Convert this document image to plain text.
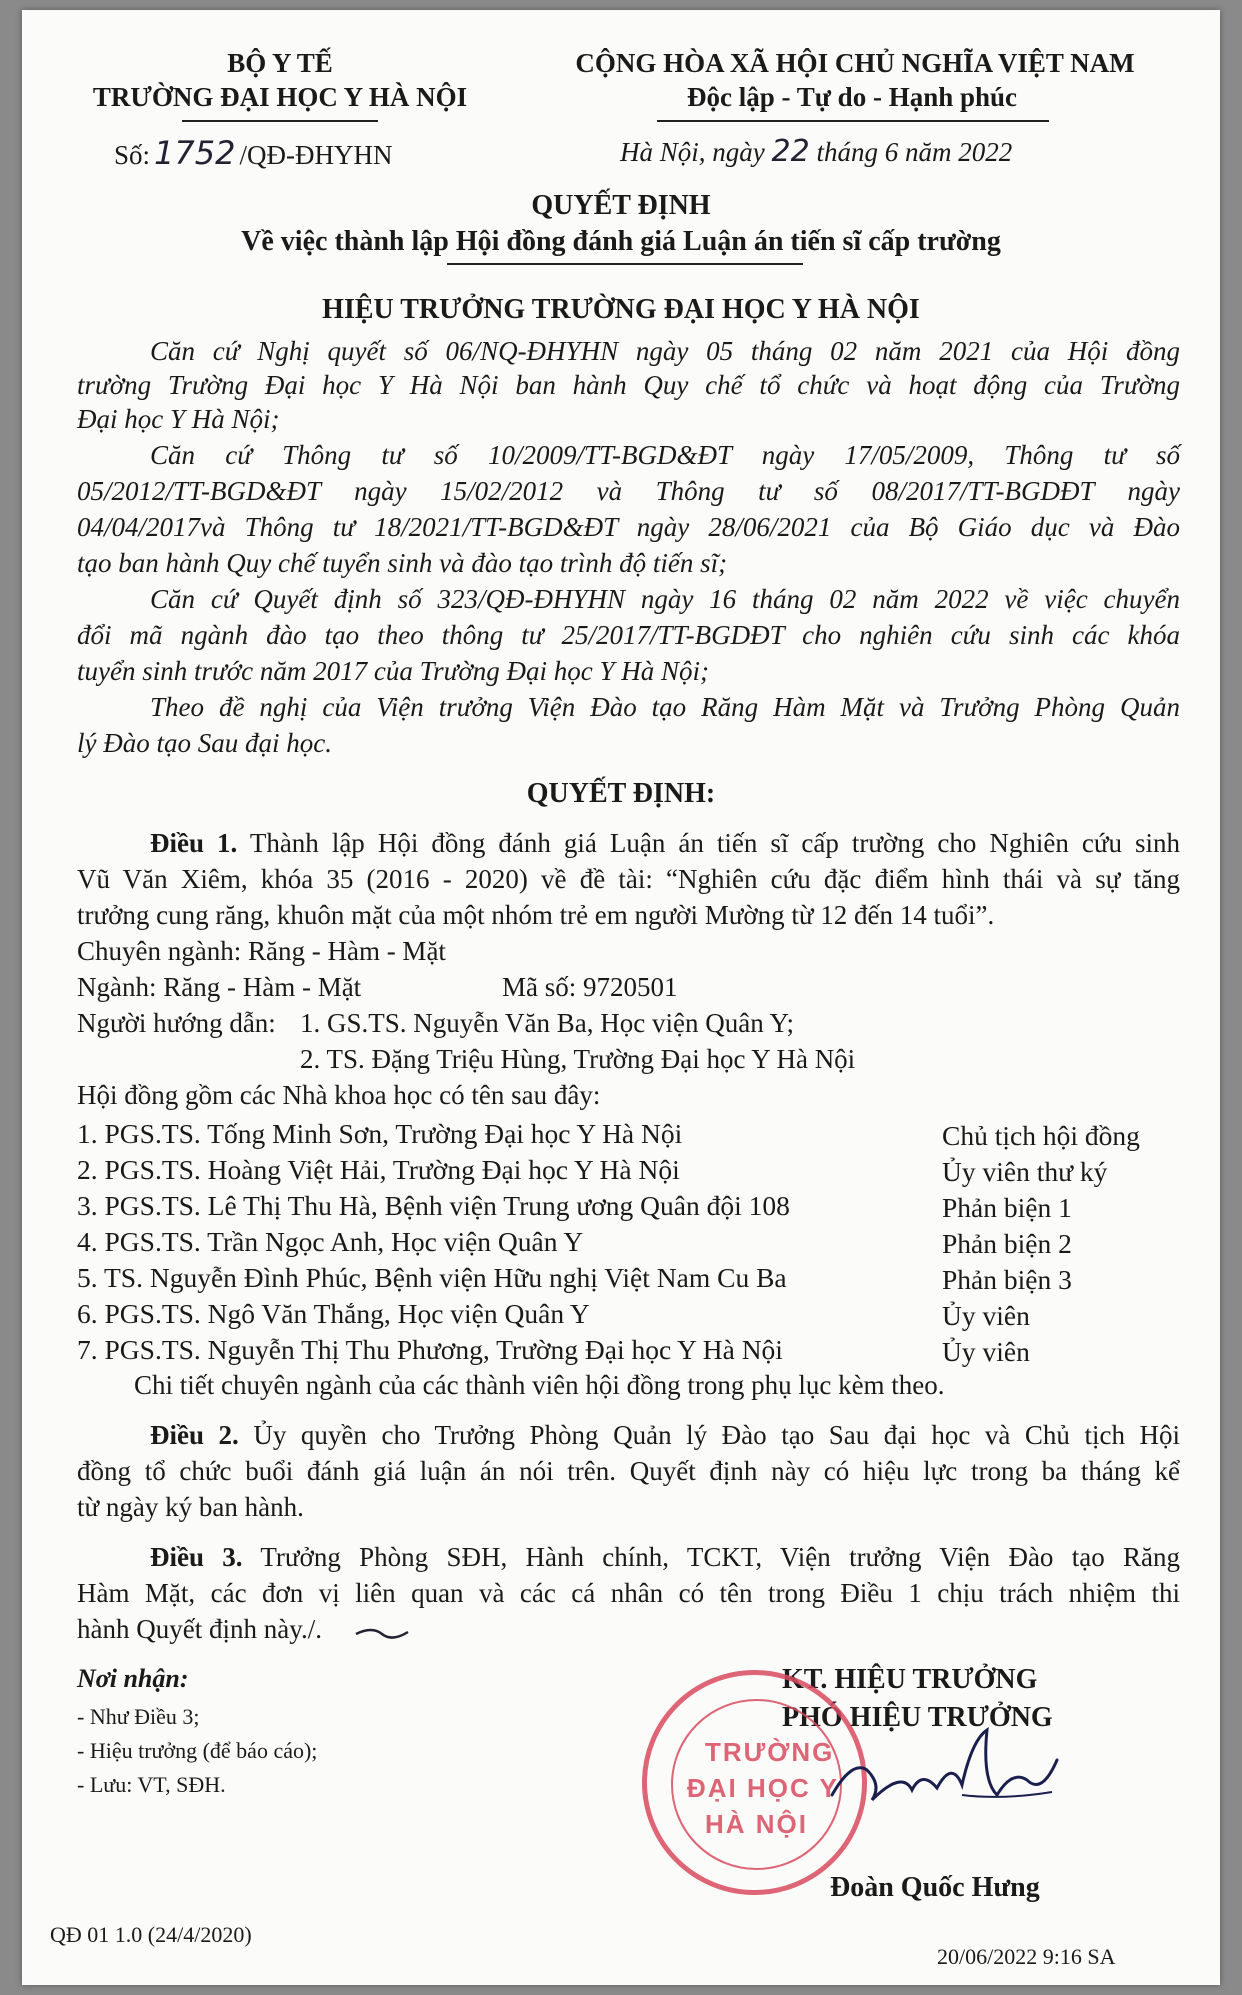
BỘ Y TẾ
TRƯỜNG ĐẠI HỌC Y HÀ NỘI
Số: 1752 /QĐ-ĐHYHN
CỘNG HÒA XÃ HỘI CHỦ NGHĨA VIỆT NAM
Độc lập - Tự do - Hạnh phúc
Hà Nội, ngày 22 tháng 6 năm 2022
QUYẾT ĐỊNH
Về việc thành lập Hội đồng đánh giá Luận án tiến sĩ cấp trường
HIỆU TRƯỞNG TRƯỜNG ĐẠI HỌC Y HÀ NỘI
Căn cứ Nghị quyết số 06/NQ-ĐHYHN ngày 05 tháng 02 năm 2021 của Hội đồng
trường Trường Đại học Y Hà Nội ban hành Quy chế tổ chức và hoạt động của Trường
Đại học Y Hà Nội;
Căn cứ Thông tư số 10/2009/TT-BGD&ĐT ngày 17/05/2009, Thông tư số
05/2012/TT-BGD&ĐT ngày 15/02/2012 và Thông tư số 08/2017/TT-BGDĐT ngày
04/04/2017và Thông tư 18/2021/TT-BGD&ĐT ngày 28/06/2021 của Bộ Giáo dục và Đào
tạo ban hành Quy chế tuyển sinh và đào tạo trình độ tiến sĩ;
Căn cứ Quyết định số 323/QĐ-ĐHYHN ngày 16 tháng 02 năm 2022 về việc chuyển
đổi mã ngành đào tạo theo thông tư 25/2017/TT-BGDĐT cho nghiên cứu sinh các khóa
tuyển sinh trước năm 2017 của Trường Đại học Y Hà Nội;
Theo đề nghị của Viện trưởng Viện Đào tạo Răng Hàm Mặt và Trưởng Phòng Quản
lý Đào tạo Sau đại học.
QUYẾT ĐỊNH:
Điều 1. Thành lập Hội đồng đánh giá Luận án tiến sĩ cấp trường cho Nghiên cứu sinh
Vũ Văn Xiêm, khóa 35 (2016 - 2020) về đề tài: “Nghiên cứu đặc điểm hình thái và sự tăng
trưởng cung răng, khuôn mặt của một nhóm trẻ em người Mường từ 12 đến 14 tuổi”.
Chuyên ngành: Răng - Hàm - Mặt
Ngành: Răng - Hàm - Mặt	Mã số: 9720501
Người hướng dẫn: 1. GS.TS. Nguyễn Văn Ba, Học viện Quân Y;
2. TS. Đặng Triệu Hùng, Trường Đại học Y Hà Nội
Hội đồng gồm các Nhà khoa học có tên sau đây:
1. PGS.TS. Tống Minh Sơn, Trường Đại học Y Hà Nội	Chủ tịch hội đồng
2. PGS.TS. Hoàng Việt Hải, Trường Đại học Y Hà Nội	Ủy viên thư ký
3. PGS.TS. Lê Thị Thu Hà, Bệnh viện Trung ương Quân đội 108	Phản biện 1
4. PGS.TS. Trần Ngọc Anh, Học viện Quân Y	Phản biện 2
5. TS. Nguyễn Đình Phúc, Bệnh viện Hữu nghị Việt Nam Cu Ba	Phản biện 3
6. PGS.TS. Ngô Văn Thắng, Học viện Quân Y	Ủy viên
7. PGS.TS. Nguyễn Thị Thu Phương, Trường Đại học Y Hà Nội	Ủy viên
Chi tiết chuyên ngành của các thành viên hội đồng trong phụ lục kèm theo.
Điều 2. Ủy quyền cho Trưởng Phòng Quản lý Đào tạo Sau đại học và Chủ tịch Hội
đồng tổ chức buổi đánh giá luận án nói trên. Quyết định này có hiệu lực trong ba tháng kể
từ ngày ký ban hành.
Điều 3. Trưởng Phòng SĐH, Hành chính, TCKT, Viện trưởng Viện Đào tạo Răng
Hàm Mặt, các đơn vị liên quan và các cá nhân có tên trong Điều 1 chịu trách nhiệm thi
hành Quyết định này./.
Nơi nhận:
- Như Điều 3;
- Hiệu trưởng (để báo cáo);
- Lưu: VT, SĐH.
KT. HIỆU TRƯỞNG
PHÓ HIỆU TRƯỞNG
TRƯỜNG
ĐẠI HỌC Y
HÀ NỘI
Đoàn Quốc Hưng
QĐ 01 1.0 (24/4/2020)
20/06/2022 9:16 SA
